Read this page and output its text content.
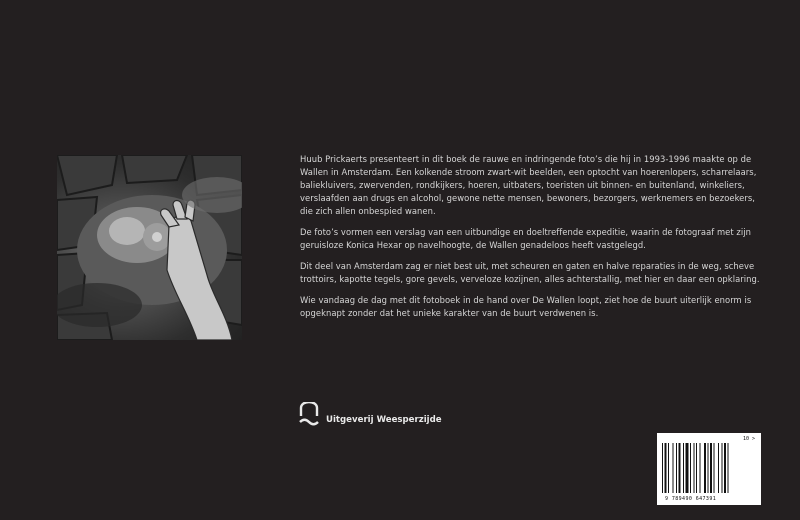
Huub Prickaerts presenteert in dit boek de rauwe en indringende foto’s die hij in 1993-1996 maakte op de Wallen in Amsterdam. Een kolkende stroom zwart-wit beelden, een optocht van hoerenlopers, scharrelaars, baliekluivers, zwervenden, rondkijkers, hoeren, uitbaters, toeristen uit binnen- en buitenland, winkeliers, verslaafden aan drugs en alcohol, gewone nette mensen, bewoners, bezorgers, werknemers en bezoekers, die zich allen onbespied wanen.

De foto’s vormen een verslag van een uitbundige en doeltreffende expeditie, waarin de fotograaf met zijn geruisloze Konica Hexar op navelhoogte, de Wallen genadeloos heeft vastgelegd.

Dit deel van Amsterdam zag er niet best uit, met scheuren en gaten en halve reparaties in de weg, scheve trottoirs, kapotte tegels, gore gevels, verveloze kozijnen, alles achterstallig, met hier en daar een opklaring.

Wie vandaag de dag met dit fotoboek in de hand over De Wallen loopt, ziet hoe de buurt uiterlijk enorm is opgeknapt zonder dat het unieke karakter van de buurt verdwenen is.

Uitgeverij Weesperzijde
10 >
9 789490 647391
